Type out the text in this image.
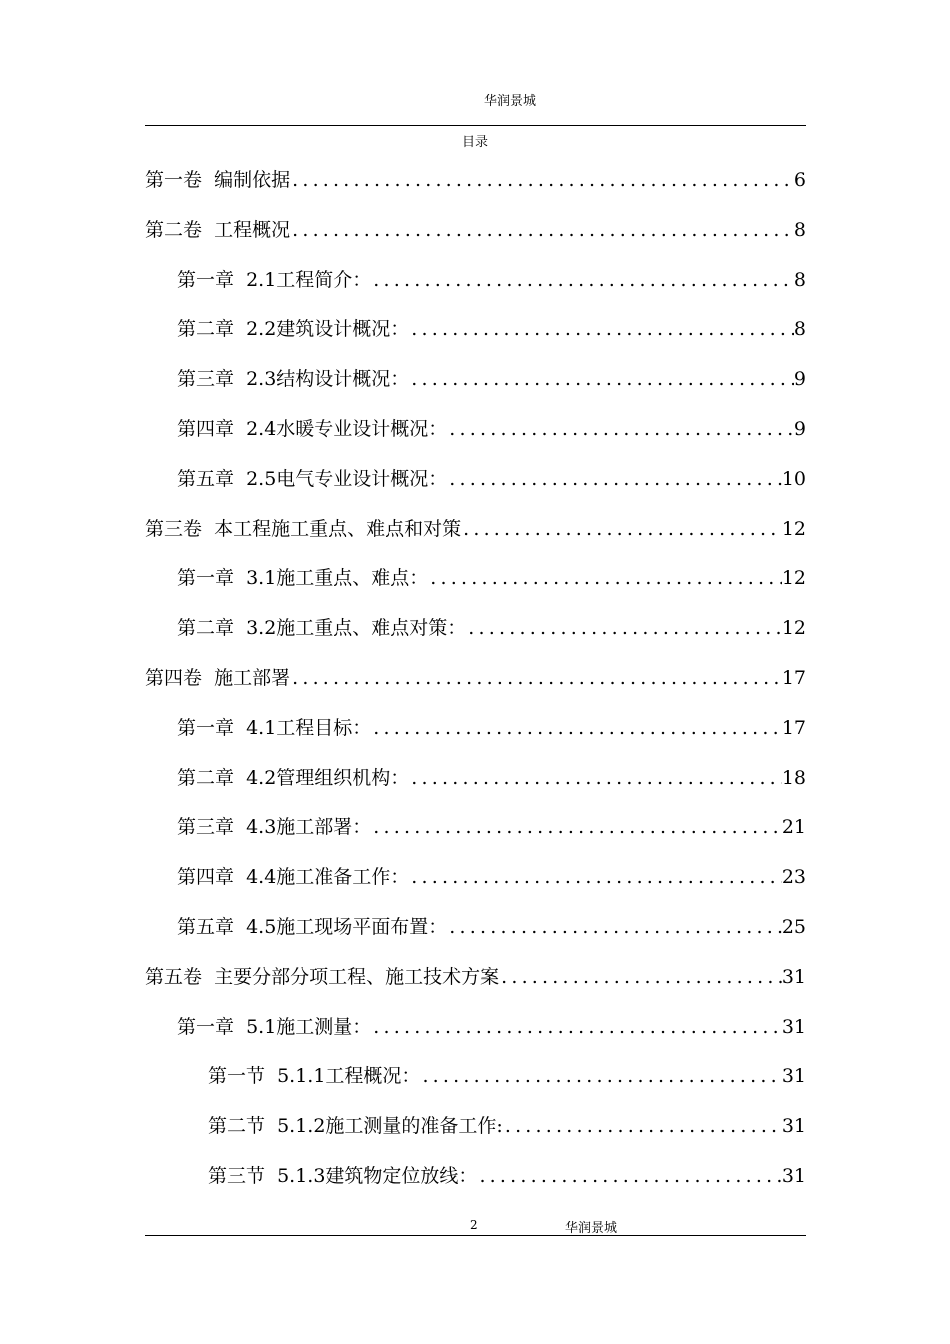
华润景城
目录
第一卷  编制依据 .....	6
第二卷  工程概况 .....	8
第一章  2.1工程简介： .....	8
第二章  2.2建筑设计概况： .....	8
第三章  2.3结构设计概况： .....	9
第四章  2.4水暖专业设计概况： .....	9
第五章  2.5电气专业设计概况： .....	10
第三卷  本工程施工重点、难点和对策 .....	12
第一章  3.1施工重点、难点： .....	12
第二章  3.2施工重点、难点对策： .....	12
第四卷  施工部署 .....	17
第一章  4.1工程目标： .....	17
第二章  4.2管理组织机构： .....	18
第三章  4.3施工部署： .....	21
第四章  4.4施工准备工作： .....	23
第五章  4.5施工现场平面布置： .....	25
第五卷  主要分部分项工程、施工技术方案 .....	31
第一章  5.1施工测量： .....	31
第一节  5.1.1工程概况： .....	31
第二节  5.1.2施工测量的准备工作: .....	31
第三节  5.1.3建筑物定位放线： .....	31
2	华润景城
